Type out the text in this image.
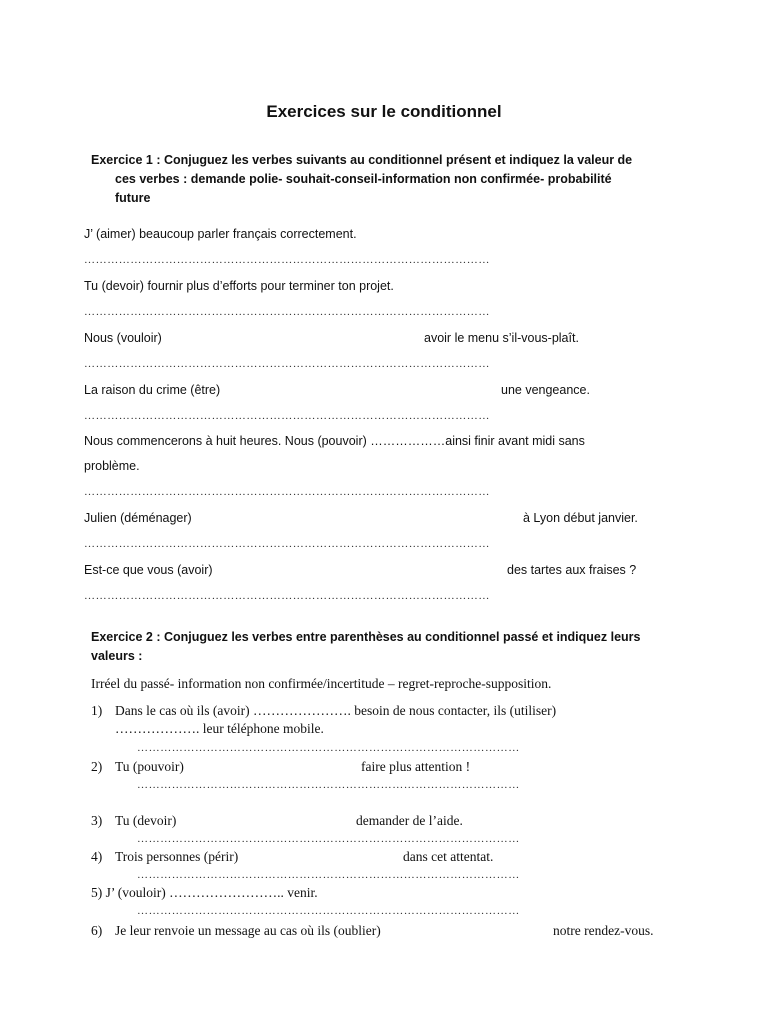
Exercices sur le conditionnel
Exercice 1 : Conjuguez les verbes suivants au conditionnel présent et indiquez la valeur de
ces verbes : demande polie- souhait-conseil-information non confirmée- probabilité
future
J’ (aimer) beaucoup parler français correctement.
……………………………………………………………………………………………
Tu (devoir) fournir plus d’efforts pour terminer ton projet.
……………………………………………………………………………………………
Nous (vouloir)	avoir le menu s’il-vous-plaît.
……………………………………………………………………………………………
La raison du crime (être)	une vengeance.
……………………………………………………………………………………………
Nous commencerons à huit heures. Nous (pouvoir) ………………ainsi finir avant midi sans
problème.
……………………………………………………………………………………………
Julien (déménager)	à Lyon début janvier.
……………………………………………………………………………………………
Est-ce que vous (avoir)	des tartes aux fraises ?
……………………………………………………………………………………………
Exercice 2 : Conjuguez les verbes entre parenthèses au conditionnel passé et indiquez leurs
valeurs :
Irréel du passé- information non confirmée/incertitude – regret-reproche-supposition.
1) Dans le cas où ils (avoir) …………………. besoin de nous contacter, ils (utiliser)
………………. leur téléphone mobile.
………………………………………………………………………………………
2) Tu (pouvoir)	faire plus attention !
………………………………………………………………………………………
3) Tu (devoir)	demander de l’aide.
………………………………………………………………………………………
4) Trois personnes (périr)	dans cet attentat.
………………………………………………………………………………………
5) J’ (vouloir) …………………….. venir.
………………………………………………………………………………………
6) Je leur renvoie un message au cas où ils (oublier)	notre rendez-vous.
